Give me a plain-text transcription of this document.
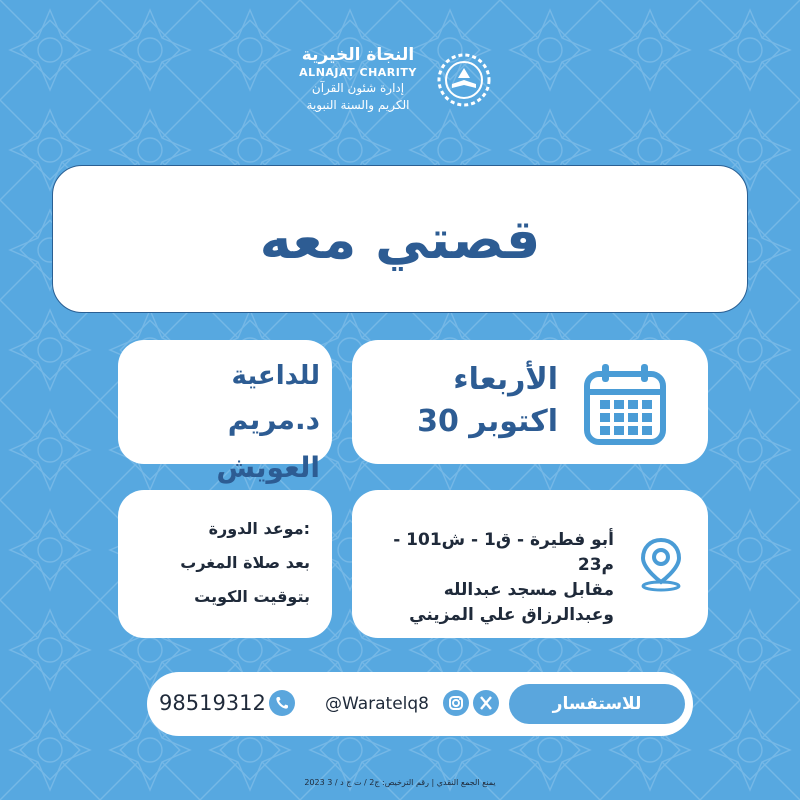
النجاة الخيرية
ALNAJAT CHARITY
إدارة شئون القرآن
الكريم والسنة النبوية
قصتي معه
الأربعاء
اكتوبر 30
للداعية
د.مريم العويش
أبو فطيرة - ق1 - ش101 - م23
مقابل مسجد عبدالله
وعبدالرزاق علي المزيني
موعد الدورة:
بعد صلاة المغرب
بتوقيت الكويت
للاستفسار
@Waratelq8
98519312
يمنع الجمع النقدي | رقم الترخيص: ج2 / ت ج د / 3 2023
